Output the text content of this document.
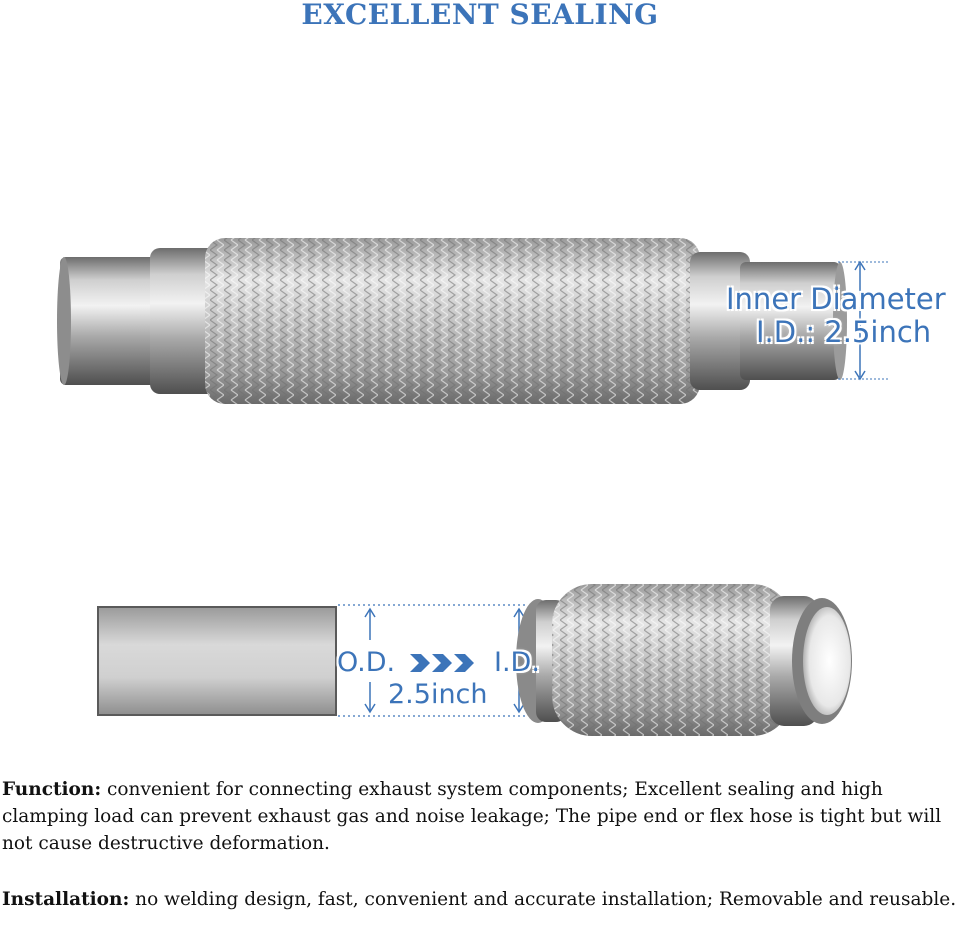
EXCELLENT SEALING
Inner Diameter
I.D.: 2.5inch
O.D.	I.D.
2.5inch
Function: convenient for connecting exhaust system components; Excellent sealing and high clamping load can prevent exhaust gas and noise leakage; The pipe end or flex hose is tight but will not cause destructive deformation.
Installation: no welding design, fast, convenient and accurate installation; Removable and reusable.
